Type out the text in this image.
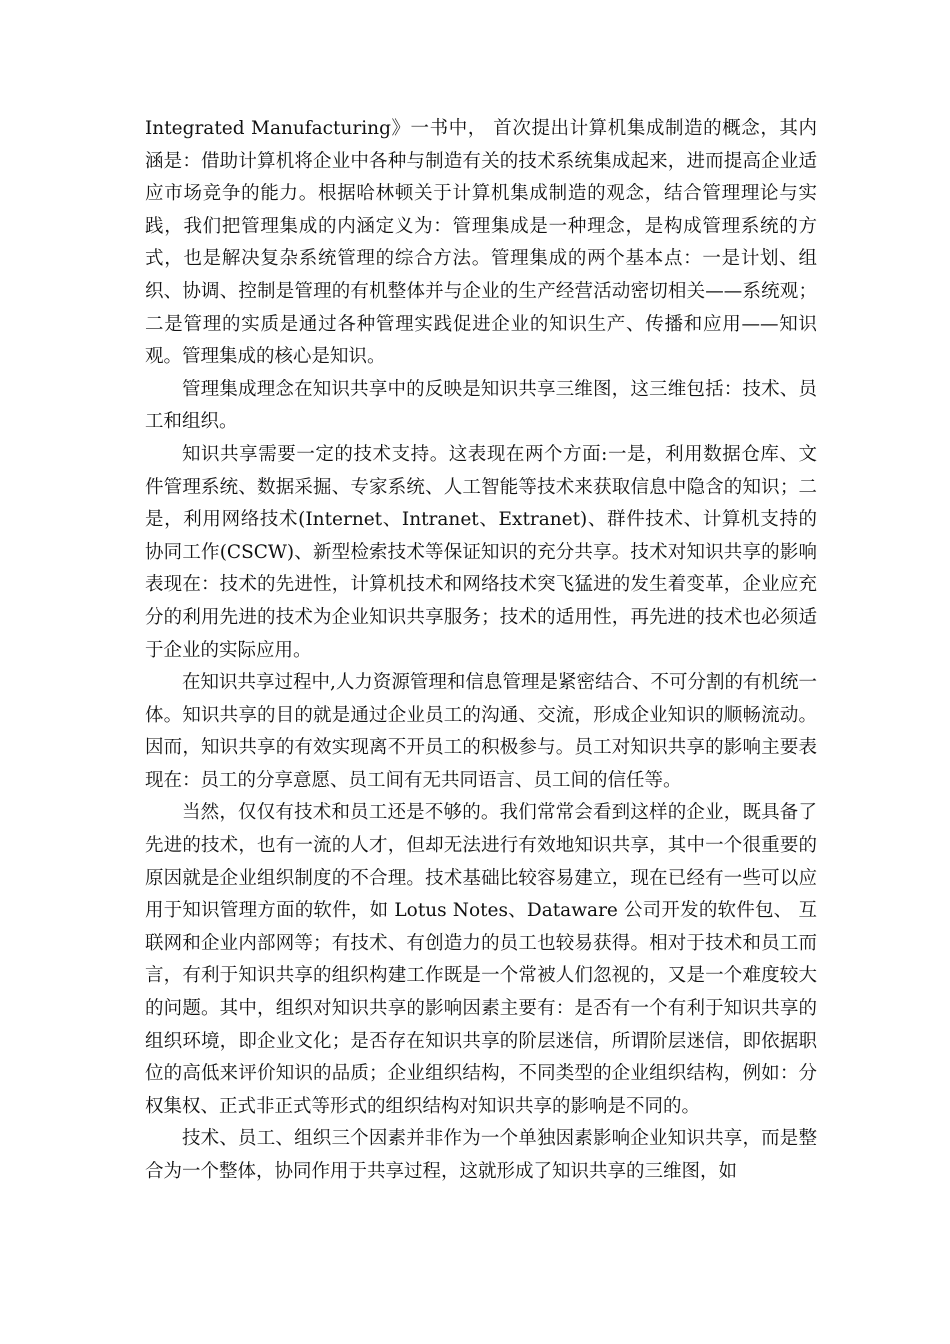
Integrated Manufacturing》一书中， 首次提出计算机集成制造的概念，其内涵是：借助计算机将企业中各种与制造有关的技术系统集成起来，进而提高企业适应市场竞争的能力。根据哈林顿关于计算机集成制造的观念，结合管理理论与实践，我们把管理集成的内涵定义为：管理集成是一种理念，是构成管理系统的方式，也是解决复杂系统管理的综合方法。管理集成的两个基本点：一是计划、组织、协调、控制是管理的有机整体并与企业的生产经营活动密切相关——系统观；二是管理的实质是通过各种管理实践促进企业的知识生产、传播和应用——知识观。管理集成的核心是知识。

管理集成理念在知识共享中的反映是知识共享三维图，这三维包括：技术、员工和组织。

知识共享需要一定的技术支持。这表现在两个方面:一是，利用数据仓库、文件管理系统、数据采掘、专家系统、人工智能等技术来获取信息中隐含的知识；二是，利用网络技术(Internet、Intranet、Extranet)、群件技术、计算机支持的协同工作(CSCW)、新型检索技术等保证知识的充分共享。技术对知识共享的影响表现在：技术的先进性，计算机技术和网络技术突飞猛进的发生着变革，企业应充分的利用先进的技术为企业知识共享服务；技术的适用性，再先进的技术也必须适于企业的实际应用。

在知识共享过程中,人力资源管理和信息管理是紧密结合、不可分割的有机统一体。知识共享的目的就是通过企业员工的沟通、交流，形成企业知识的顺畅流动。因而，知识共享的有效实现离不开员工的积极参与。员工对知识共享的影响主要表现在：员工的分享意愿、员工间有无共同语言、员工间的信任等。

当然，仅仅有技术和员工还是不够的。我们常常会看到这样的企业，既具备了先进的技术，也有一流的人才，但却无法进行有效地知识共享，其中一个很重要的原因就是企业组织制度的不合理。技术基础比较容易建立，现在已经有一些可以应用于知识管理方面的软件，如 Lotus Notes、Dataware 公司开发的软件包、 互联网和企业内部网等；有技术、有创造力的员工也较易获得。相对于技术和员工而言，有利于知识共享的组织构建工作既是一个常被人们忽视的，又是一个难度较大的问题。其中，组织对知识共享的影响因素主要有：是否有一个有利于知识共享的组织环境，即企业文化；是否存在知识共享的阶层迷信，所谓阶层迷信，即依据职位的高低来评价知识的品质；企业组织结构，不同类型的企业组织结构，例如：分权集权、正式非正式等形式的组织结构对知识共享的影响是不同的。

技术、员工、组织三个因素并非作为一个单独因素影响企业知识共享，而是整合为一个整体，协同作用于共享过程，这就形成了知识共享的三维图，如
